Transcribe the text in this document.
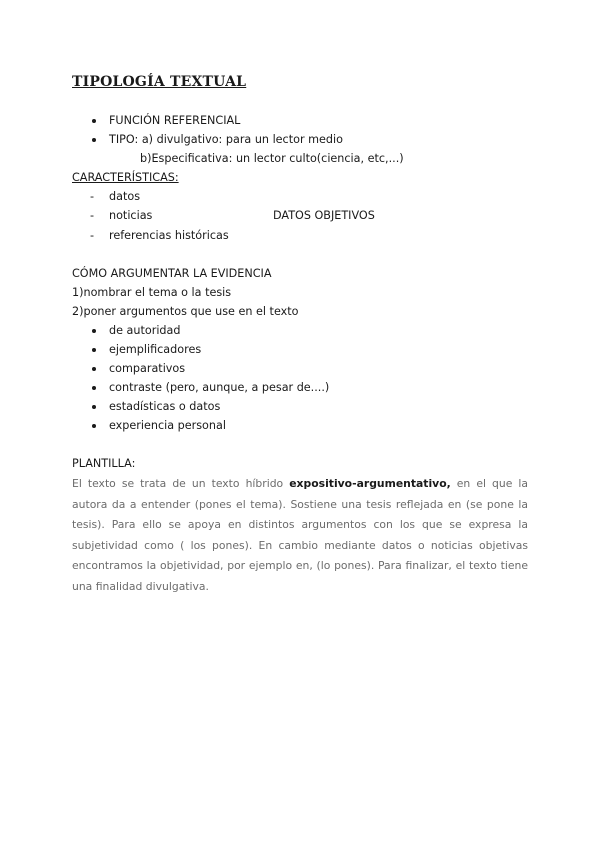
TIPOLOGÍA TEXTUAL
FUNCIÓN REFERENCIAL
TIPO: a) divulgativo: para un lector medio
b)Especificativa: un lector culto(ciencia, etc,...)
CARACTERÍSTICAS:
- datos
- noticias	DATOS OBJETIVOS
- referencias históricas
CÓMO ARGUMENTAR LA EVIDENCIA
1)nombrar el tema o la tesis
2)poner argumentos que use en el texto
de autoridad
ejemplificadores
comparativos
contraste (pero, aunque, a pesar de....)
estadísticas o datos
experiencia personal
PLANTILLA:
El texto se trata de un texto híbrido expositivo-argumentativo, en el que la autora da a entender (pones el tema). Sostiene una tesis reflejada en (se pone la tesis). Para ello se apoya en distintos argumentos con los que se expresa la subjetividad como ( los pones). En cambio mediante datos o noticias objetivas encontramos la objetividad, por ejemplo en, (lo pones). Para finalizar, el texto tiene una finalidad divulgativa.
